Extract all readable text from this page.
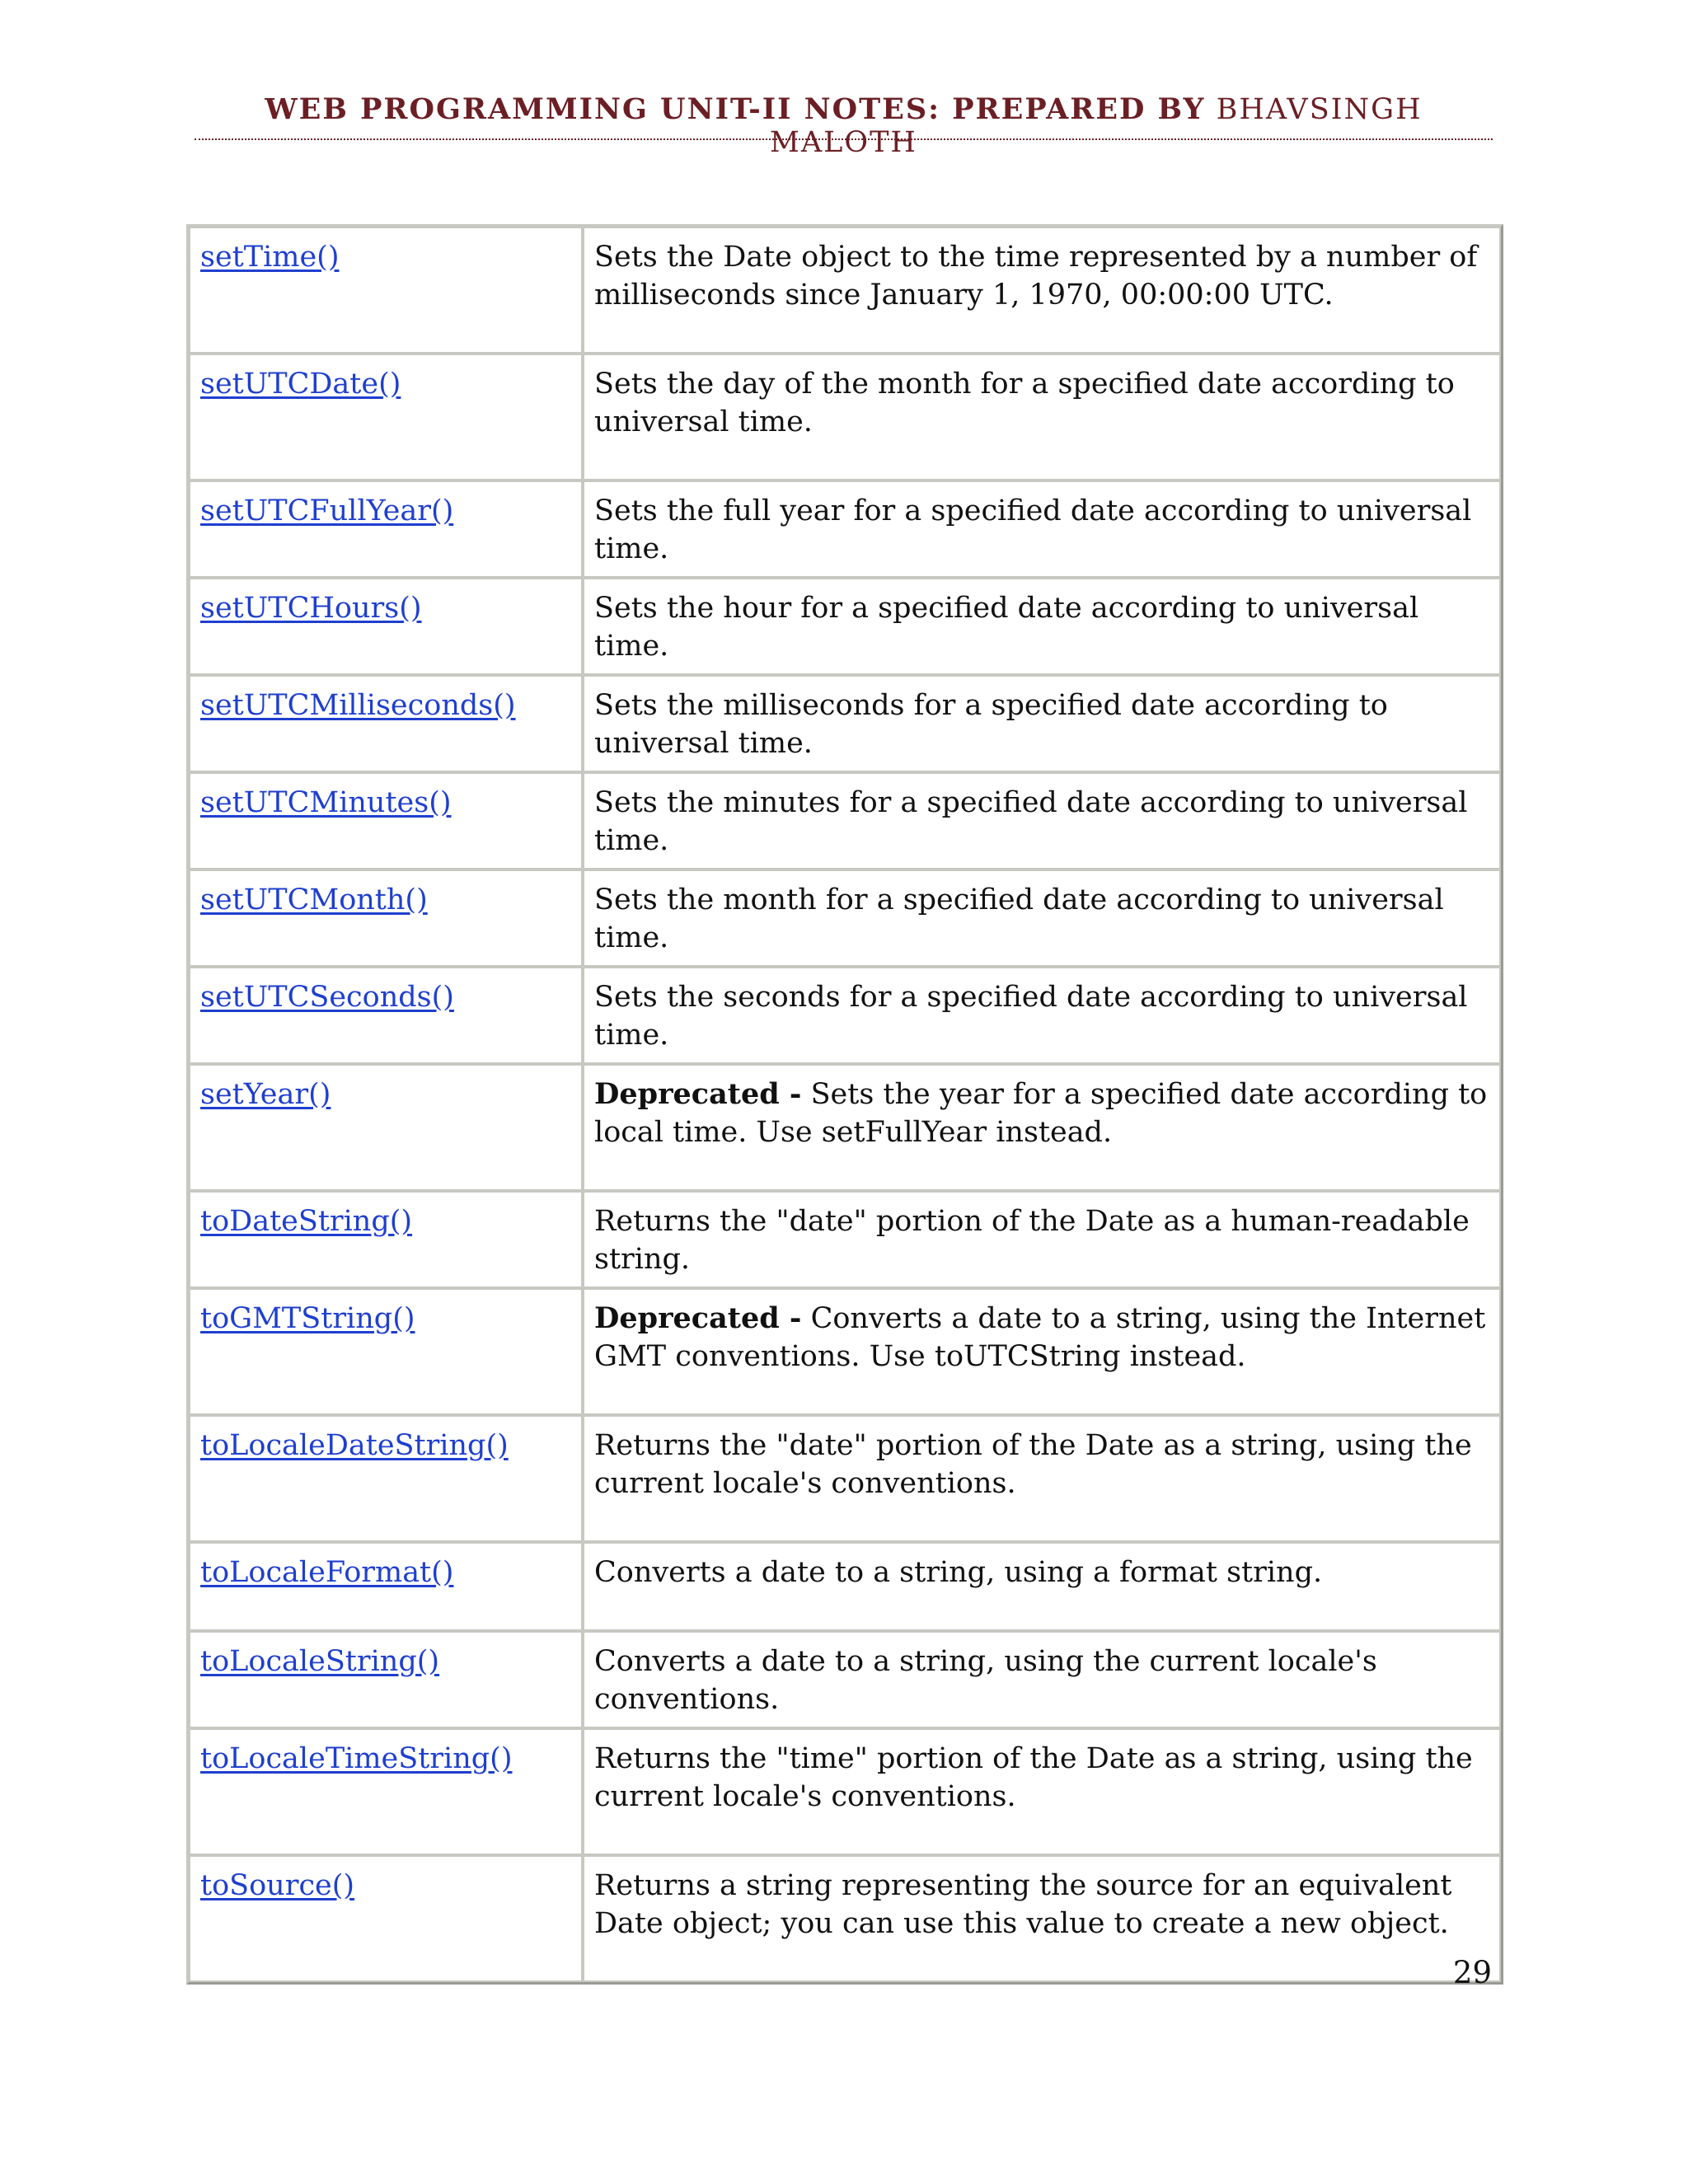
WEB PROGRAMMING UNIT-II NOTES: PREPARED BY BHAVSINGH MALOTH
setTime()	Sets the Date object to the time represented by a number of milliseconds since January 1, 1970, 00:00:00 UTC.
setUTCDate()	Sets the day of the month for a specified date according to universal time.
setUTCFullYear()	Sets the full year for a specified date according to universal time.
setUTCHours()	Sets the hour for a specified date according to universal time.
setUTCMilliseconds()	Sets the milliseconds for a specified date according to universal time.
setUTCMinutes()	Sets the minutes for a specified date according to universal time.
setUTCMonth()	Sets the month for a specified date according to universal time.
setUTCSeconds()	Sets the seconds for a specified date according to universal time.
setYear()	Deprecated - Sets the year for a specified date according to local time. Use setFullYear instead.
toDateString()	Returns the "date" portion of the Date as a human-readable string.
toGMTString()	Deprecated - Converts a date to a string, using the Internet GMT conventions. Use toUTCString instead.
toLocaleDateString()	Returns the "date" portion of the Date as a string, using the current locale's conventions.
toLocaleFormat()	Converts a date to a string, using a format string.
toLocaleString()	Converts a date to a string, using the current locale's conventions.
toLocaleTimeString()	Returns the "time" portion of the Date as a string, using the current locale's conventions.
toSource()	Returns a string representing the source for an equivalent Date object; you can use this value to create a new object.
29
